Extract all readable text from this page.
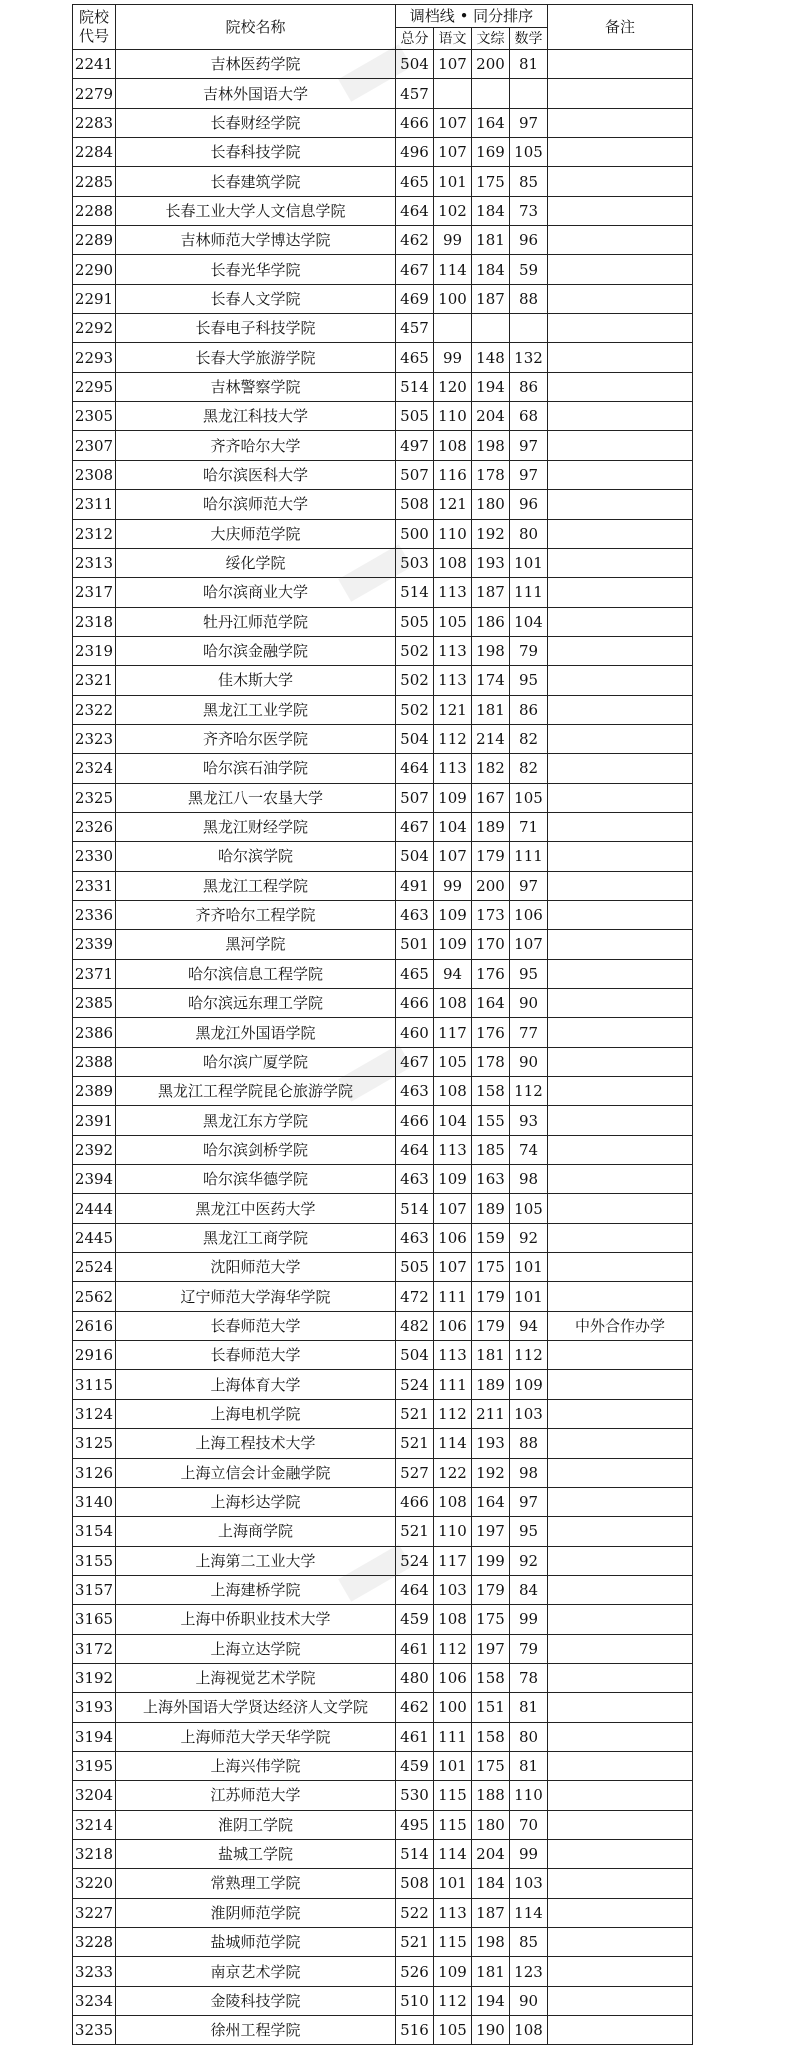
院校代号	院校名称	调档线 • 同分排序				备注
		总分	语文	文综	数学	
2241	吉林医药学院	504	107	200	81	
2279	吉林外国语大学	457				
2283	长春财经学院	466	107	164	97	
2284	长春科技学院	496	107	169	105	
2285	长春建筑学院	465	101	175	85	
2288	长春工业大学人文信息学院	464	102	184	73	
2289	吉林师范大学博达学院	462	99	181	96	
2290	长春光华学院	467	114	184	59	
2291	长春人文学院	469	100	187	88	
2292	长春电子科技学院	457				
2293	长春大学旅游学院	465	99	148	132	
2295	吉林警察学院	514	120	194	86	
2305	黑龙江科技大学	505	110	204	68	
2307	齐齐哈尔大学	497	108	198	97	
2308	哈尔滨医科大学	507	116	178	97	
2311	哈尔滨师范大学	508	121	180	96	
2312	大庆师范学院	500	110	192	80	
2313	绥化学院	503	108	193	101	
2317	哈尔滨商业大学	514	113	187	111	
2318	牡丹江师范学院	505	105	186	104	
2319	哈尔滨金融学院	502	113	198	79	
2321	佳木斯大学	502	113	174	95	
2322	黑龙江工业学院	502	121	181	86	
2323	齐齐哈尔医学院	504	112	214	82	
2324	哈尔滨石油学院	464	113	182	82	
2325	黑龙江八一农垦大学	507	109	167	105	
2326	黑龙江财经学院	467	104	189	71	
2330	哈尔滨学院	504	107	179	111	
2331	黑龙江工程学院	491	99	200	97	
2336	齐齐哈尔工程学院	463	109	173	106	
2339	黑河学院	501	109	170	107	
2371	哈尔滨信息工程学院	465	94	176	95	
2385	哈尔滨远东理工学院	466	108	164	90	
2386	黑龙江外国语学院	460	117	176	77	
2388	哈尔滨广厦学院	467	105	178	90	
2389	黑龙江工程学院昆仑旅游学院	463	108	158	112	
2391	黑龙江东方学院	466	104	155	93	
2392	哈尔滨剑桥学院	464	113	185	74	
2394	哈尔滨华德学院	463	109	163	98	
2444	黑龙江中医药大学	514	107	189	105	
2445	黑龙江工商学院	463	106	159	92	
2524	沈阳师范大学	505	107	175	101	
2562	辽宁师范大学海华学院	472	111	179	101	
2616	长春师范大学	482	106	179	94	中外合作办学
2916	长春师范大学	504	113	181	112	
3115	上海体育大学	524	111	189	109	
3124	上海电机学院	521	112	211	103	
3125	上海工程技术大学	521	114	193	88	
3126	上海立信会计金融学院	527	122	192	98	
3140	上海杉达学院	466	108	164	97	
3154	上海商学院	521	110	197	95	
3155	上海第二工业大学	524	117	199	92	
3157	上海建桥学院	464	103	179	84	
3165	上海中侨职业技术大学	459	108	175	99	
3172	上海立达学院	461	112	197	79	
3192	上海视觉艺术学院	480	106	158	78	
3193	上海外国语大学贤达经济人文学院	462	100	151	81	
3194	上海师范大学天华学院	461	111	158	80	
3195	上海兴伟学院	459	101	175	81	
3204	江苏师范大学	530	115	188	110	
3214	淮阴工学院	495	115	180	70	
3218	盐城工学院	514	114	204	99	
3220	常熟理工学院	508	101	184	103	
3227	淮阴师范学院	522	113	187	114	
3228	盐城师范学院	521	115	198	85	
3233	南京艺术学院	526	109	181	123	
3234	金陵科技学院	510	112	194	90	
3235	徐州工程学院	516	105	190	108	
